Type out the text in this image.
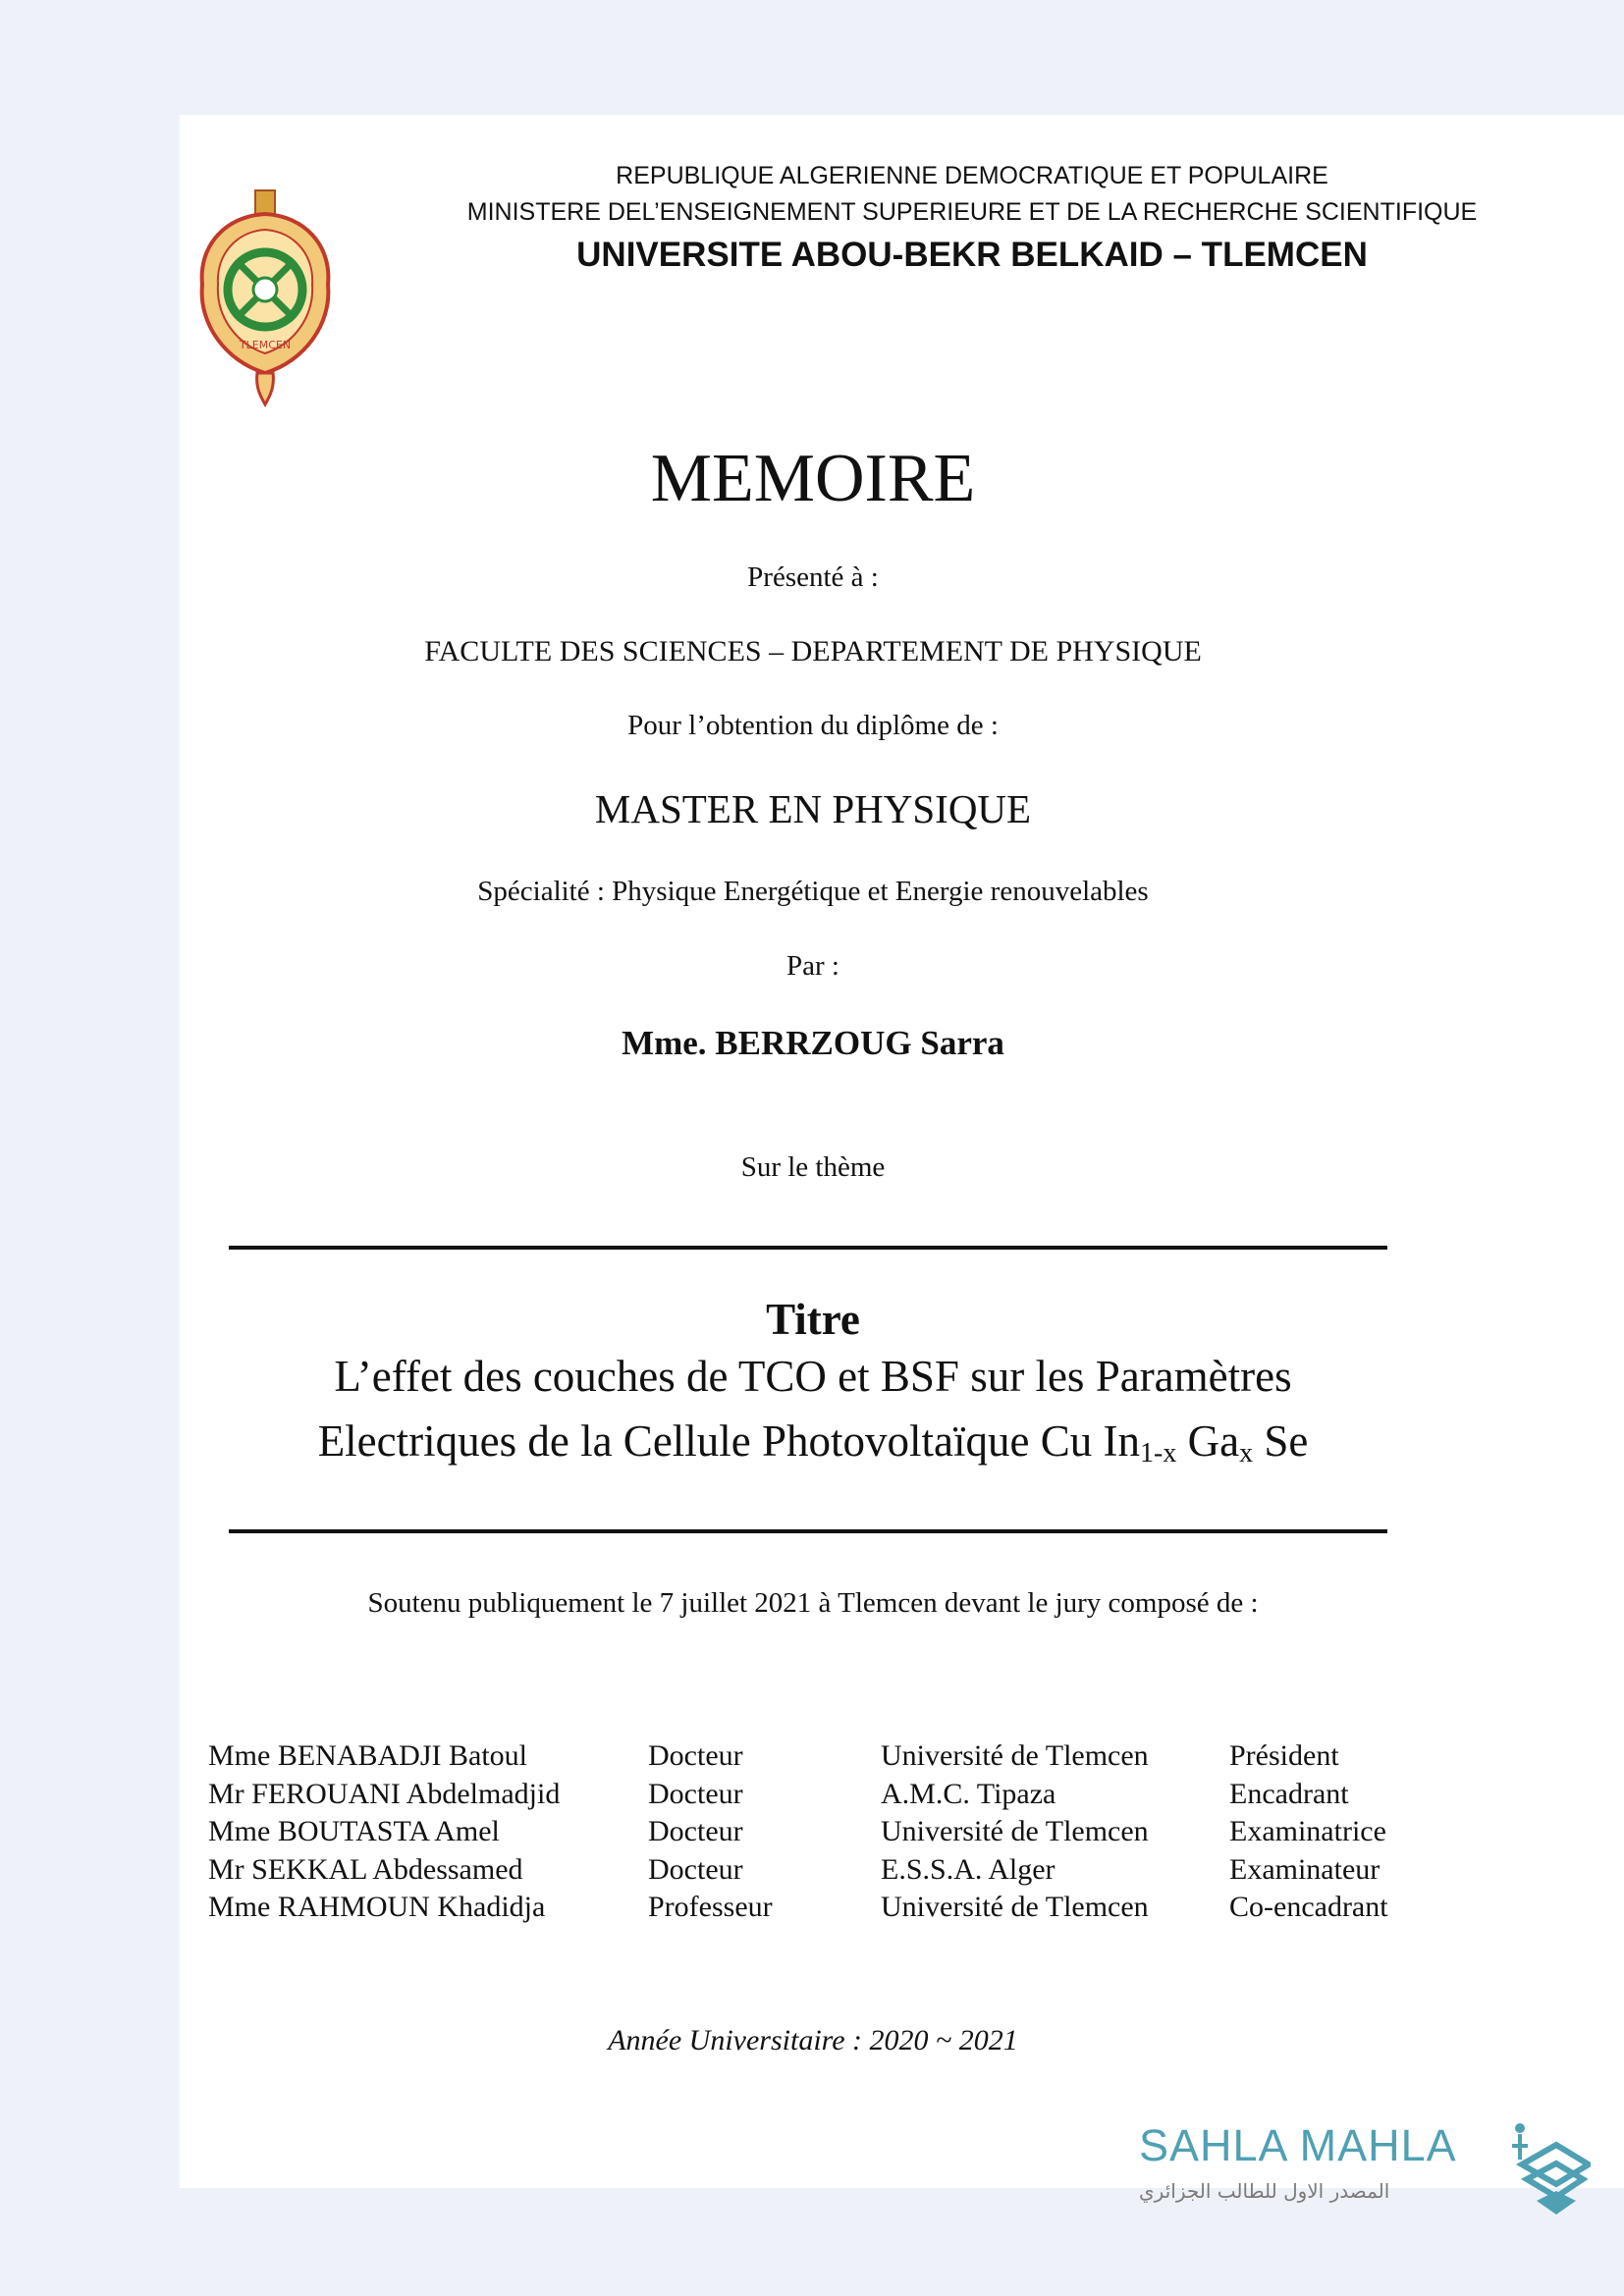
TLEMCEN
REPUBLIQUE ALGERIENNE DEMOCRATIQUE ET POPULAIRE
MINISTERE DEL’ENSEIGNEMENT SUPERIEURE ET DE LA RECHERCHE SCIENTIFIQUE
UNIVERSITE ABOU-BEKR BELKAID – TLEMCEN
MEMOIRE
Présenté à :
FACULTE DES SCIENCES – DEPARTEMENT DE PHYSIQUE
Pour l’obtention du diplôme de :
MASTER EN PHYSIQUE
Spécialité : Physique Energétique et Energie renouvelables
Par :
Mme. BERRZOUG Sarra
Sur le thème
Titre
L’effet des couches de TCO et BSF sur les Paramètres
Electriques de la Cellule Photovoltaïque Cu $In_{1-x}$ $Ga_x$ Se
Soutenu publiquement le 7 juillet 2021 à Tlemcen devant le jury composé de :
Mme BENABADJI Batoul	Docteur	Université de Tlemcen	Président
Mr FEROUANI Abdelmadjid	Docteur	A.M.C. Tipaza	Encadrant
Mme BOUTASTA Amel	Docteur	Université de Tlemcen	Examinatrice
Mr SEKKAL Abdessamed	Docteur	E.S.S.A. Alger	Examinateur
Mme RAHMOUN Khadidja	Professeur	Université de Tlemcen	Co-encadrant
Année Universitaire : 2020 ~ 2021
SAHLA MAHLA
المصدر الاول للطالب الجزائري
